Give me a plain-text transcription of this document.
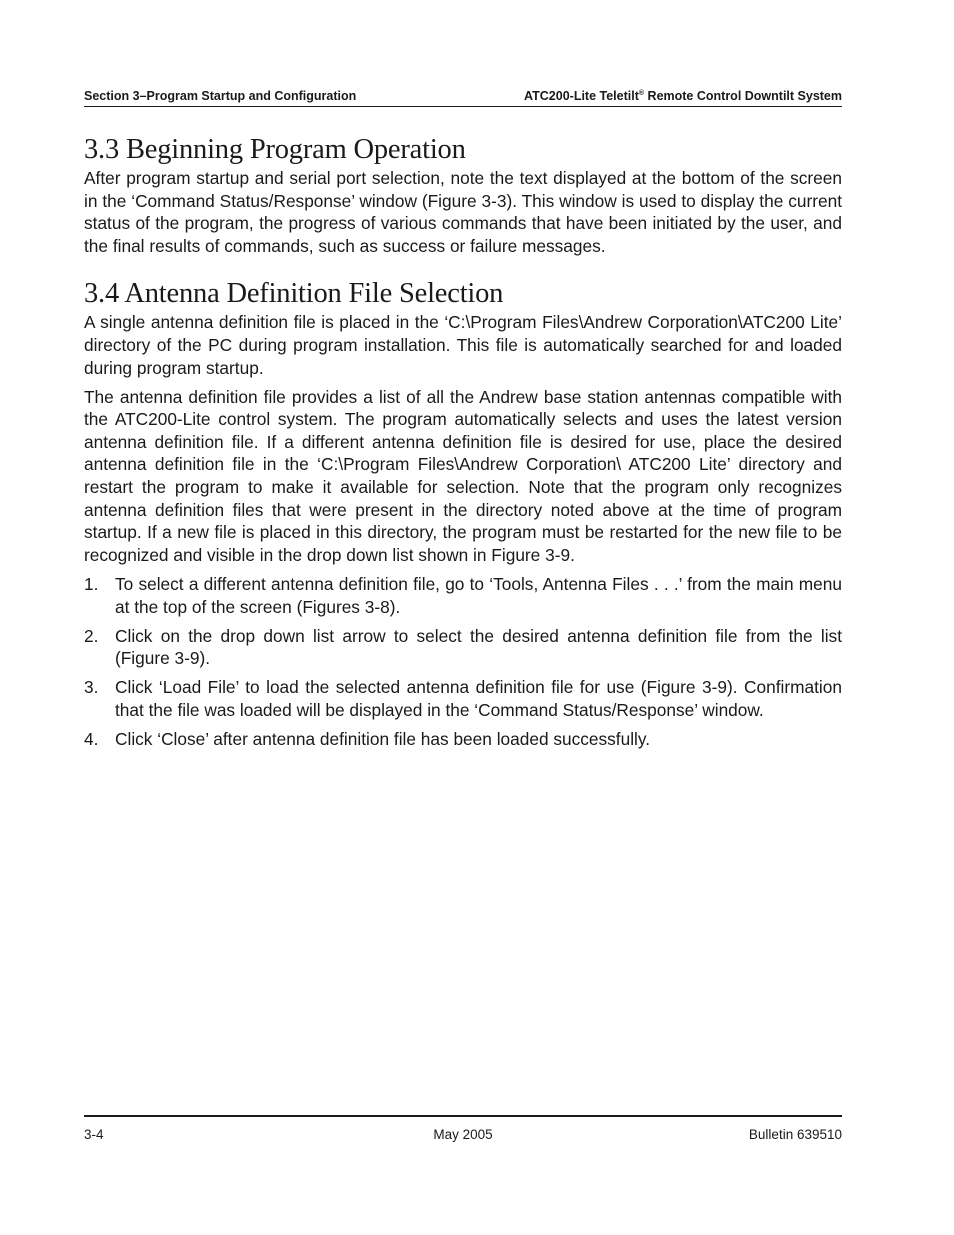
Section 3–Program Startup and Configuration	ATC200-Lite Teletilt® Remote Control Downtilt System
3.3 Beginning Program Operation

After program startup and serial port selection, note the text displayed at the bottom of the screen in the ‘Command Status/Response’ window (Figure 3-3). This window is used to display the current status of the program, the progress of various commands that have been initiated by the user, and the final results of commands, such as success or failure messages.

3.4 Antenna Definition File Selection

A single antenna definition file is placed in the ‘C:\Program Files\Andrew Corporation\ATC200 Lite’ directory of the PC during program installation. This file is automatically searched for and loaded during program startup.

The antenna definition file provides a list of all the Andrew base station antennas compatible with the ATC200-Lite control system. The program automatically selects and uses the latest version antenna definition file. If a different antenna definition file is desired for use, place the desired antenna definition file in the ‘C:\Program Files\Andrew Corporation\ ATC200 Lite’ directory and restart the program to make it available for selection. Note that the program only recognizes antenna definition files that were present in the directory noted above at the time of program startup. If a new file is placed in this directory, the program must be restarted for the new file to be recognized and visible in the drop down list shown in Figure 3-9.

1. To select a different antenna definition file, go to ‘Tools, Antenna Files . . .’ from the main menu at the top of the screen (Figures 3-8).
2. Click on the drop down list arrow to select the desired antenna definition file from the list (Figure 3-9).
3. Click ‘Load File’ to load the selected antenna definition file for use (Figure 3-9). Confirmation that the file was loaded will be displayed in the ‘Command Status/Response’ window.
4. Click ‘Close’ after antenna definition file has been loaded successfully.
3-4	May 2005	Bulletin 639510
